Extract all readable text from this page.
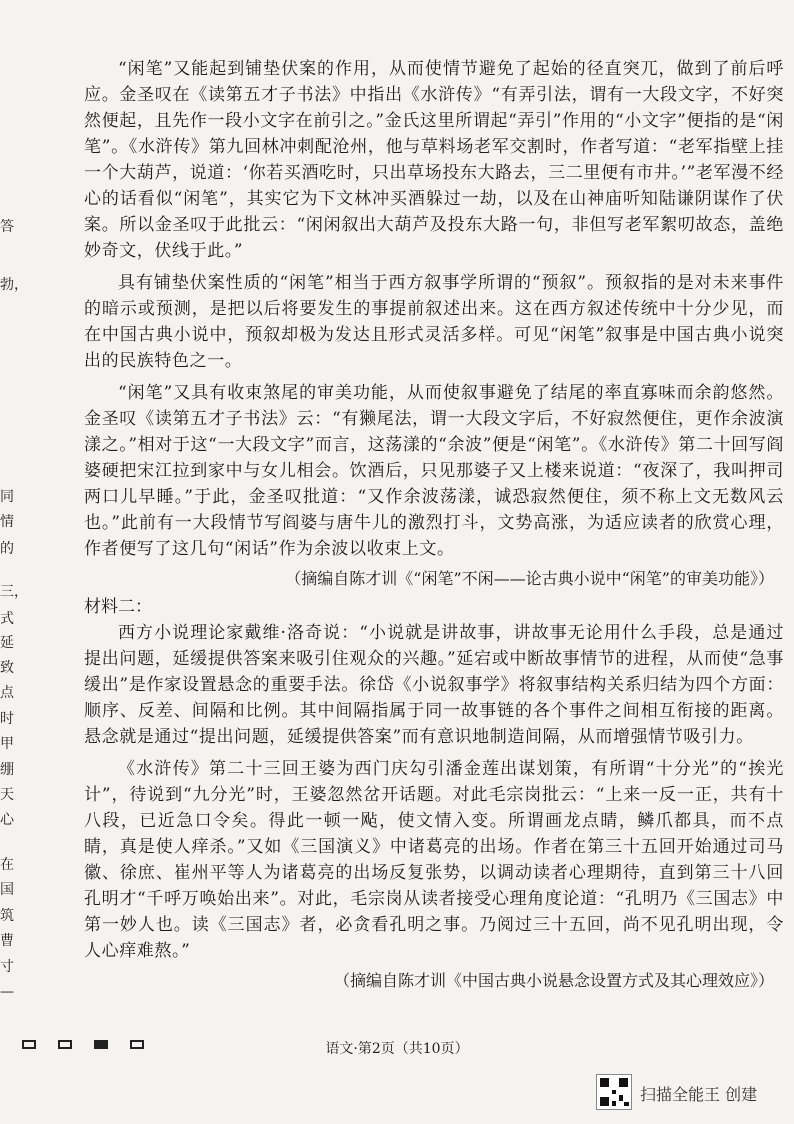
答
勃，
同
情
的
三，
式
延
致
点
时
甲
绷
天
心
在
国
筑
曹
寸
—

“闲笔”又能起到铺垫伏案的作用，从而使情节避免了起始的径直突兀，做到了前后呼应。金圣叹在《读第五才子书法》中指出《水浒传》“有弄引法，谓有一大段文字，不好突然便起，且先作一段小文字在前引之。”金氏这里所谓起“弄引”作用的“小文字”便指的是“闲笔”。《水浒传》第九回林冲刺配沧州，他与草料场老军交割时，作者写道：“老军指壁上挂一个大葫芦，说道：‘你若买酒吃时，只出草场投东大路去，三二里便有市井。’”老军漫不经心的话看似“闲笔”，其实它为下文林冲买酒躲过一劫，以及在山神庙听知陆谦阴谋作了伏案。所以金圣叹于此批云：“闲闲叙出大葫芦及投东大路一句，非但写老军絮叨故态，盖绝妙奇文，伏线于此。”

具有铺垫伏案性质的“闲笔”相当于西方叙事学所谓的“预叙”。预叙指的是对未来事件的暗示或预测，是把以后将要发生的事提前叙述出来。这在西方叙述传统中十分少见，而在中国古典小说中，预叙却极为发达且形式灵活多样。可见“闲笔”叙事是中国古典小说突出的民族特色之一。

“闲笔”又具有收束煞尾的审美功能，从而使叙事避免了结尾的率直寡味而余韵悠然。金圣叹《读第五才子书法》云：“有獭尾法，谓一大段文字后，不好寂然便住，更作余波演漾之。”相对于这“一大段文字”而言，这荡漾的“余波”便是“闲笔”。《水浒传》第二十回写阎婆硬把宋江拉到家中与女儿相会。饮酒后，只见那婆子又上楼来说道：“夜深了，我叫押司两口儿早睡。”于此，金圣叹批道：“又作余波荡漾，诚恐寂然便住，须不称上文无数风云也。”此前有一大段情节写阎婆与唐牛儿的激烈打斗，文势高涨，为适应读者的欣赏心理，作者便写了这几句“闲话”作为余波以收束上文。

（摘编自陈才训《“闲笔”不闲——论古典小说中“闲笔”的审美功能》）

材料二：

西方小说理论家戴维·洛奇说：“小说就是讲故事，讲故事无论用什么手段，总是通过提出问题，延缓提供答案来吸引住观众的兴趣。”延宕或中断故事情节的进程，从而使“急事缓出”是作家设置悬念的重要手法。徐岱《小说叙事学》将叙事结构关系归结为四个方面：顺序、反差、间隔和比例。其中间隔指属于同一故事链的各个事件之间相互衔接的距离。悬念就是通过“提出问题，延缓提供答案”而有意识地制造间隔，从而增强情节吸引力。

《水浒传》第二十三回王婆为西门庆勾引潘金莲出谋划策，有所谓“十分光”的“挨光计”，待说到“九分光”时，王婆忽然岔开话题。对此毛宗岗批云：“上来一反一正，共有十八段，已近急口令矣。得此一顿一飐，使文情入变。所谓画龙点睛，鳞爪都具，而不点睛，真是使人痒杀。”又如《三国演义》中诸葛亮的出场。作者在第三十五回开始通过司马徽、徐庶、崔州平等人为诸葛亮的出场反复张势，以调动读者心理期待，直到第三十八回孔明才“千呼万唤始出来”。对此，毛宗岗从读者接受心理角度论道：“孔明乃《三国志》中第一妙人也。读《三国志》者，必贪看孔明之事。乃阅过三十五回，尚不见孔明出现，令人心痒难熬。”

（摘编自陈才训《中国古典小说悬念设置方式及其心理效应》）
语文·第2页（共10页）
扫描全能王 创建
